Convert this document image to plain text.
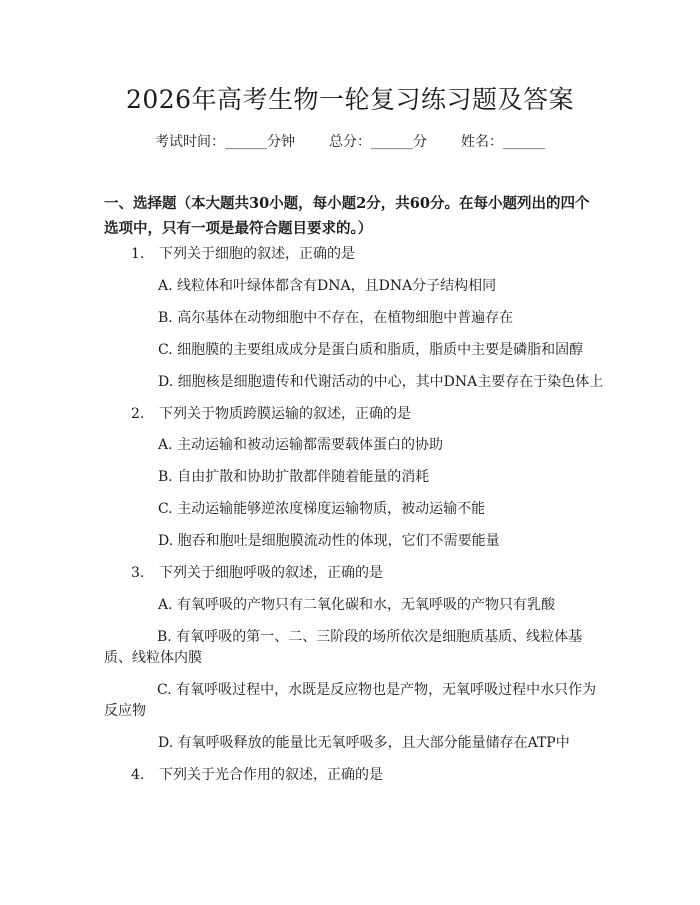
2026年高考生物一轮复习练习题及答案
考试时间：______分钟 总分：______分 姓名：______
一、选择题（本大题共30小题，每小题2分，共60分。在每小题列出的四个选项中，只有一项是最符合题目要求的。）
1. 下列关于细胞的叙述，正确的是
A. 线粒体和叶绿体都含有DNA，且DNA分子结构相同
B. 高尔基体在动物细胞中不存在，在植物细胞中普遍存在
C. 细胞膜的主要组成成分是蛋白质和脂质，脂质中主要是磷脂和固醇
D. 细胞核是细胞遗传和代谢活动的中心，其中DNA主要存在于染色体上
2. 下列关于物质跨膜运输的叙述，正确的是
A. 主动运输和被动运输都需要载体蛋白的协助
B. 自由扩散和协助扩散都伴随着能量的消耗
C. 主动运输能够逆浓度梯度运输物质，被动运输不能
D. 胞吞和胞吐是细胞膜流动性的体现，它们不需要能量
3. 下列关于细胞呼吸的叙述，正确的是
A. 有氧呼吸的产物只有二氧化碳和水，无氧呼吸的产物只有乳酸
B. 有氧呼吸的第一、二、三阶段的场所依次是细胞质基质、线粒体基质、线粒体内膜
C. 有氧呼吸过程中，水既是反应物也是产物，无氧呼吸过程中水只作为反应物
D. 有氧呼吸释放的能量比无氧呼吸多，且大部分能量储存在ATP中
4. 下列关于光合作用的叙述，正确的是
